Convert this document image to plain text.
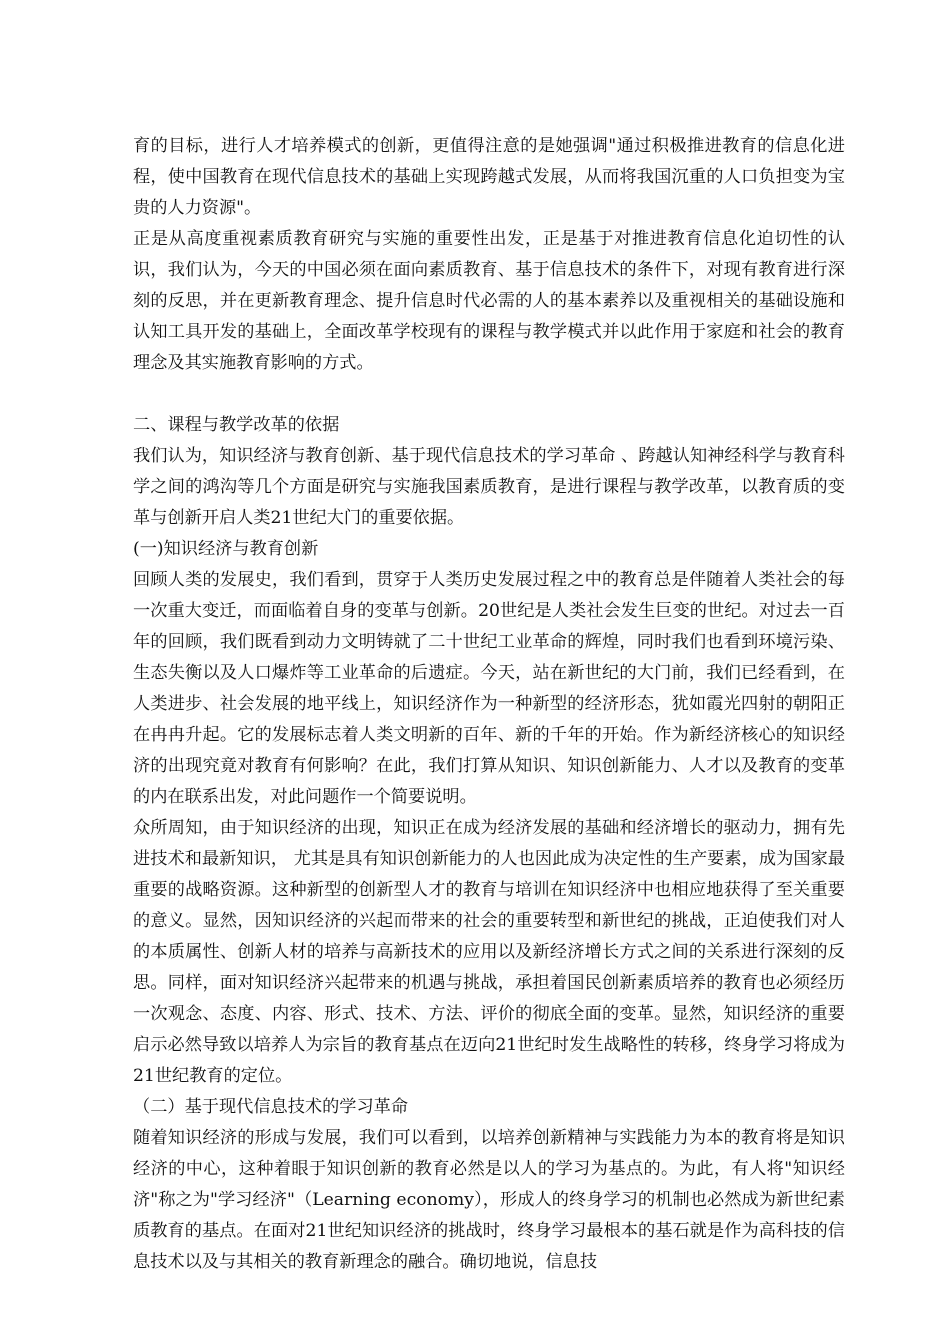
育的目标，进行人才培养模式的创新，更值得注意的是她强调"通过积极推进教育的信息化进程，使中国教育在现代信息技术的基础上实现跨越式发展，从而将我国沉重的人口负担变为宝贵的人力资源"。

正是从高度重视素质教育研究与实施的重要性出发，正是基于对推进教育信息化迫切性的认识，我们认为，今天的中国必须在面向素质教育、基于信息技术的条件下，对现有教育进行深刻的反思，并在更新教育理念、提升信息时代必需的人的基本素养以及重视相关的基础设施和认知工具开发的基础上，全面改革学校现有的课程与教学模式并以此作用于家庭和社会的教育理念及其实施教育影响的方式。

二、课程与教学改革的依据

我们认为，知识经济与教育创新、基于现代信息技术的学习革命 、跨越认知神经科学与教育科学之间的鸿沟等几个方面是研究与实施我国素质教育，是进行课程与教学改革，以教育质的变革与创新开启人类21世纪大门的重要依据。

(一)知识经济与教育创新

回顾人类的发展史，我们看到，贯穿于人类历史发展过程之中的教育总是伴随着人类社会的每一次重大变迁，而面临着自身的变革与创新。20世纪是人类社会发生巨变的世纪。对过去一百年的回顾，我们既看到动力文明铸就了二十世纪工业革命的辉煌，同时我们也看到环境污染、生态失衡以及人口爆炸等工业革命的后遗症。今天，站在新世纪的大门前，我们已经看到，在人类进步、社会发展的地平线上，知识经济作为一种新型的经济形态，犹如霞光四射的朝阳正在冉冉升起。它的发展标志着人类文明新的百年、新的千年的开始。作为新经济核心的知识经济的出现究竟对教育有何影响？在此，我们打算从知识、知识创新能力、人才以及教育的变革的内在联系出发，对此问题作一个简要说明。

众所周知，由于知识经济的出现，知识正在成为经济发展的基础和经济增长的驱动力，拥有先进技术和最新知识， 尤其是具有知识创新能力的人也因此成为决定性的生产要素，成为国家最重要的战略资源。这种新型的创新型人才的教育与培训在知识经济中也相应地获得了至关重要的意义。显然，因知识经济的兴起而带来的社会的重要转型和新世纪的挑战，正迫使我们对人的本质属性、创新人材的培养与高新技术的应用以及新经济增长方式之间的关系进行深刻的反思。同样，面对知识经济兴起带来的机遇与挑战，承担着国民创新素质培养的教育也必须经历一次观念、态度、内容、形式、技术、方法、评价的彻底全面的变革。显然，知识经济的重要启示必然导致以培养人为宗旨的教育基点在迈向21世纪时发生战略性的转移，终身学习将成为21世纪教育的定位。

（二）基于现代信息技术的学习革命

随着知识经济的形成与发展，我们可以看到，以培养创新精神与实践能力为本的教育将是知识经济的中心，这种着眼于知识创新的教育必然是以人的学习为基点的。为此，有人将"知识经济"称之为"学习经济"（Learning economy），形成人的终身学习的机制也必然成为新世纪素质教育的基点。在面对21世纪知识经济的挑战时，终身学习最根本的基石就是作为高科技的信息技术以及与其相关的教育新理念的融合。确切地说，信息技
